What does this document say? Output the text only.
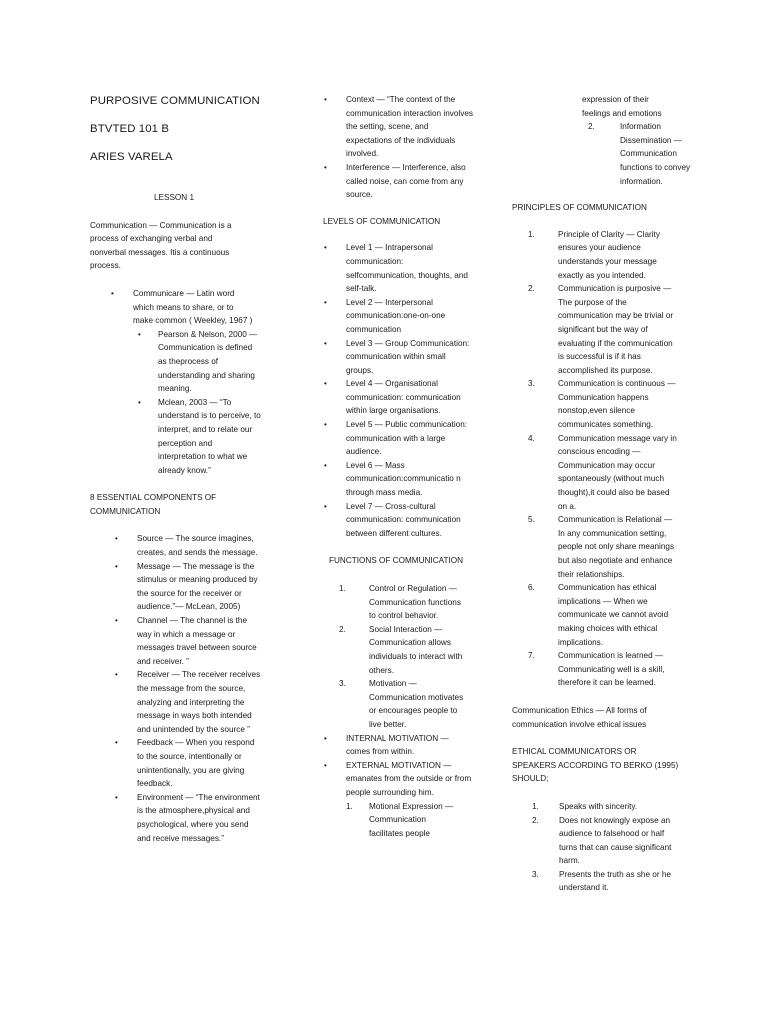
PURPOSIVE COMMUNICATION
BTVTED 101 B
ARIES VARELA
LESSON 1
Communication — Communication is a process of exchanging verbal and nonverbal messages. Itis a continuous process.
• Communicare — Latin word which means to share, or to make common ( Weekley, 1967 )
• Pearson & Nelson, 2000 — Communication is defined as theprocess of understanding and sharing meaning.
• Mclean, 2003 — “To understand is to perceive, to interpret, and to relate our perception and interpretation to what we already know.”
8 ESSENTIAL COMPONENTS OF COMMUNICATION
• Source — The source imagines, creates, and sends the message.
• Message — The message is the stimulus or meaning produced by the source for the receiver or audience.”— McLean, 2005)
• Channel — The channel is the way in which a message or messages travel between source and receiver. ”
• Receiver — The receiver receives the message from the source, analyzing and interpreting the message in ways both intended and unintended by the source ”
• Feedback — When you respond to the source, intentionally or unintentionally, you are giving feedback.
• Environment — “The environment is the atmosphere,physical and psychological, where you send and receive messages.”
• Context — “The context of the communication interaction involves the setting, scene, and expectations of the individuals involved.
• Interference — Interference, also called noise, can come from any source.
LEVELS OF COMMUNICATION
• Level 1 — Intrapersonal communication: selfcommunication, thoughts, and self-talk.
• Level 2 — Interpersonal communication:one-on-one communication
• Level 3 — Group Communication: communication within small groups.
• Level 4 — Organisational communication: communication within large organisations.
• Level 5 — Public communication: communication with a large audience.
• Level 6 — Mass communication:communicatio n through mass media.
• Level 7 — Cross-cultural communication: communication between different cultures.
FUNCTIONS OF COMMUNICATION
1.	Control or Regulation — Communication functions to control behavior.
2.	Social Interaction — Communication allows individuals to interact with others.
3.	Motivation — Communication motivates or encourages people to live better.
• INTERNAL MOTIVATION — comes from within.
• EXTERNAL MOTIVATION — emanates from the outside or from people surrounding him.
1. Motional Expression — Communication facilitates people
expression of their feelings and emotions
2.	Information Dissemination — Communication functions to convey information.
PRINCIPLES OF COMMUNICATION
1.	Principle of Clarity — Clarity ensures your audience understands your message exactly as you intended.
2.	Communication is purposive — The purpose of the communication may be trivial or significant but the way of evaluating if the communication is successful is if it has accomplished its purpose.
3.	Communication is continuous — Communication happens nonstop,even silence communicates something.
4.	Communication message vary in conscious encoding — Communication may occur spontaneously (without much thought),it could also be based on a.
5.	Communication is Relational — In any communication setting, people not only share meanings but also negotiate and enhance their relationships.
6.	Communication has ethical implications — When we communicate we cannot avoid making choices with ethical implications.
7.	Communication is learned — Communicating well is a skill, therefore it can be learned.
Communication Ethics — All forms of communication involve ethical issues
ETHICAL COMMUNICATORS OR SPEAKERS ACCORDING TO BERKO (1995) SHOULD;
1. Speaks with sincerity.
2. Does not knowingly expose an audience to falsehood or half turns that can cause significant harm.
3. Presents the truth as she or he understand it.
